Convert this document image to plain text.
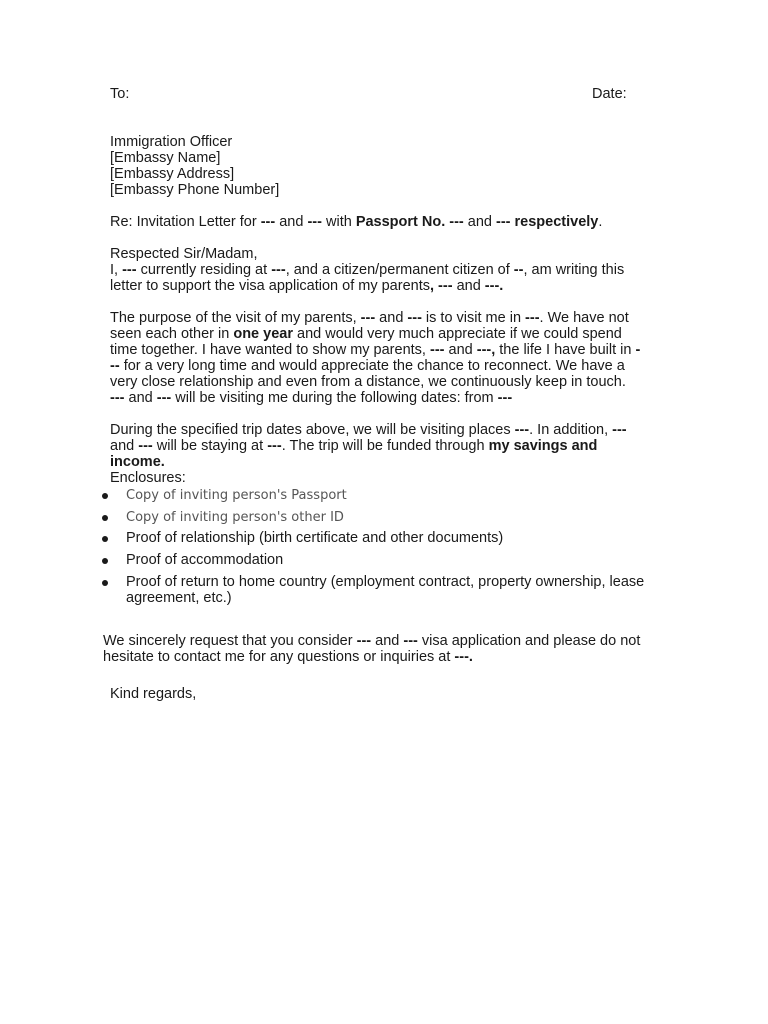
To:	Date:
Immigration Officer
[Embassy Name]
[Embassy Address]
[Embassy Phone Number]
Re: Invitation Letter for --- and --- with Passport No. --- and --- respectively.
Respected Sir/Madam,
I, --- currently residing at ---, and a citizen/permanent citizen of --, am writing this
letter to support the visa application of my parents, --- and ---.
The purpose of the visit of my parents, --- and --- is to visit me in ---. We have not
seen each other in one year and would very much appreciate if we could spend
time together. I have wanted to show my parents, --- and ---, the life I have built in -
-- for a very long time and would appreciate the chance to reconnect. We have a
very close relationship and even from a distance, we continuously keep in touch.
--- and --- will be visiting me during the following dates: from ---
During the specified trip dates above, we will be visiting places ---. In addition, ---
and --- will be staying at ---. The trip will be funded through my savings and
income.
Enclosures:
Copy of inviting person's Passport
Copy of inviting person's other ID
Proof of relationship (birth certificate and other documents)
Proof of accommodation
Proof of return to home country (employment contract, property ownership, lease
agreement, etc.)
We sincerely request that you consider --- and --- visa application and please do not
hesitate to contact me for any questions or inquiries at ---.
Kind regards,
